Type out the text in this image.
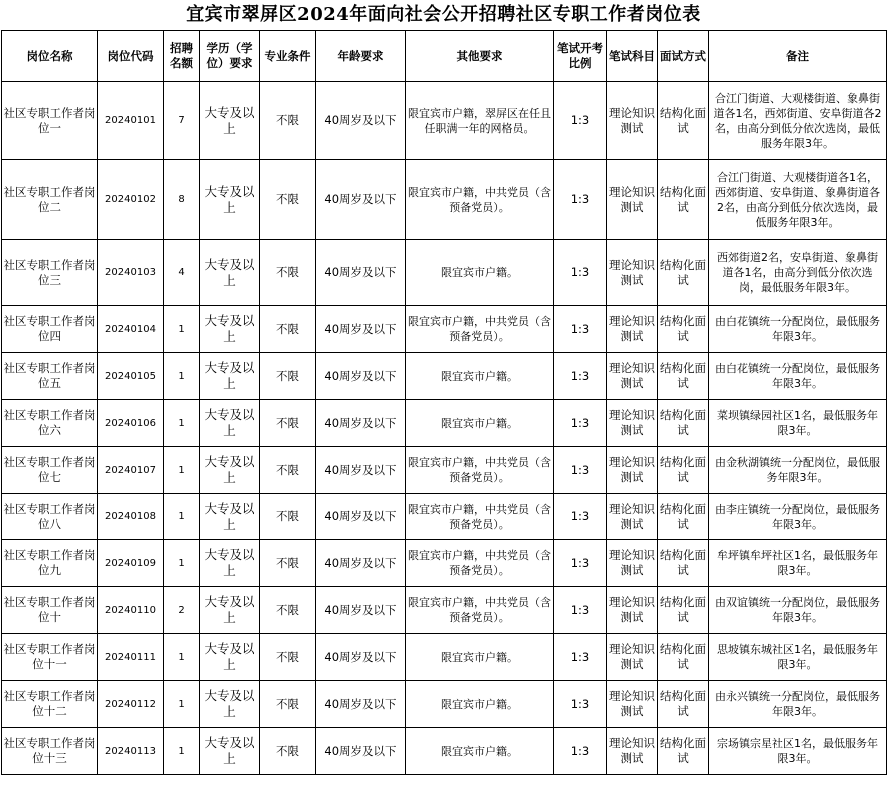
宜宾市翠屏区2024年面向社会公开招聘社区专职工作者岗位表
岗位名称	岗位代码	招聘名额	学历（学位）要求	专业条件	年龄要求	其他要求	笔试开考比例	笔试科目	面试方式	备注
社区专职工作者岗位一	20240101	7	大专及以上	不限	40周岁及以下	限宜宾市户籍，翠屏区在任且任职满一年的网格员。	1:3	理论知识测试	结构化面试	合江门街道、大观楼街道、象鼻街道各1名，西郊街道、安阜街道各2名，由高分到低分依次选岗，最低服务年限3年。
社区专职工作者岗位二	20240102	8	大专及以上	不限	40周岁及以下	限宜宾市户籍，中共党员（含预备党员）。	1:3	理论知识测试	结构化面试	合江门街道、大观楼街道各1名，西郊街道、安阜街道、象鼻街道各2名，由高分到低分依次选岗，最低服务年限3年。
社区专职工作者岗位三	20240103	4	大专及以上	不限	40周岁及以下	限宜宾市户籍。	1:3	理论知识测试	结构化面试	西郊街道2名，安阜街道、象鼻街道各1名，由高分到低分依次选岗，最低服务年限3年。
社区专职工作者岗位四	20240104	1	大专及以上	不限	40周岁及以下	限宜宾市户籍，中共党员（含预备党员）。	1:3	理论知识测试	结构化面试	由白花镇统一分配岗位，最低服务年限3年。
社区专职工作者岗位五	20240105	1	大专及以上	不限	40周岁及以下	限宜宾市户籍。	1:3	理论知识测试	结构化面试	由白花镇统一分配岗位，最低服务年限3年。
社区专职工作者岗位六	20240106	1	大专及以上	不限	40周岁及以下	限宜宾市户籍。	1:3	理论知识测试	结构化面试	菜坝镇绿园社区1名，最低服务年限3年。
社区专职工作者岗位七	20240107	1	大专及以上	不限	40周岁及以下	限宜宾市户籍，中共党员（含预备党员）。	1:3	理论知识测试	结构化面试	由金秋湖镇统一分配岗位，最低服务年限3年。
社区专职工作者岗位八	20240108	1	大专及以上	不限	40周岁及以下	限宜宾市户籍，中共党员（含预备党员）。	1:3	理论知识测试	结构化面试	由李庄镇统一分配岗位，最低服务年限3年。
社区专职工作者岗位九	20240109	1	大专及以上	不限	40周岁及以下	限宜宾市户籍，中共党员（含预备党员）。	1:3	理论知识测试	结构化面试	牟坪镇牟坪社区1名，最低服务年限3年。
社区专职工作者岗位十	20240110	2	大专及以上	不限	40周岁及以下	限宜宾市户籍，中共党员（含预备党员）。	1:3	理论知识测试	结构化面试	由双谊镇统一分配岗位，最低服务年限3年。
社区专职工作者岗位十一	20240111	1	大专及以上	不限	40周岁及以下	限宜宾市户籍。	1:3	理论知识测试	结构化面试	思坡镇东城社区1名，最低服务年限3年。
社区专职工作者岗位十二	20240112	1	大专及以上	不限	40周岁及以下	限宜宾市户籍。	1:3	理论知识测试	结构化面试	由永兴镇统一分配岗位，最低服务年限3年。
社区专职工作者岗位十三	20240113	1	大专及以上	不限	40周岁及以下	限宜宾市户籍。	1:3	理论知识测试	结构化面试	宗场镇宗星社区1名，最低服务年限3年。
